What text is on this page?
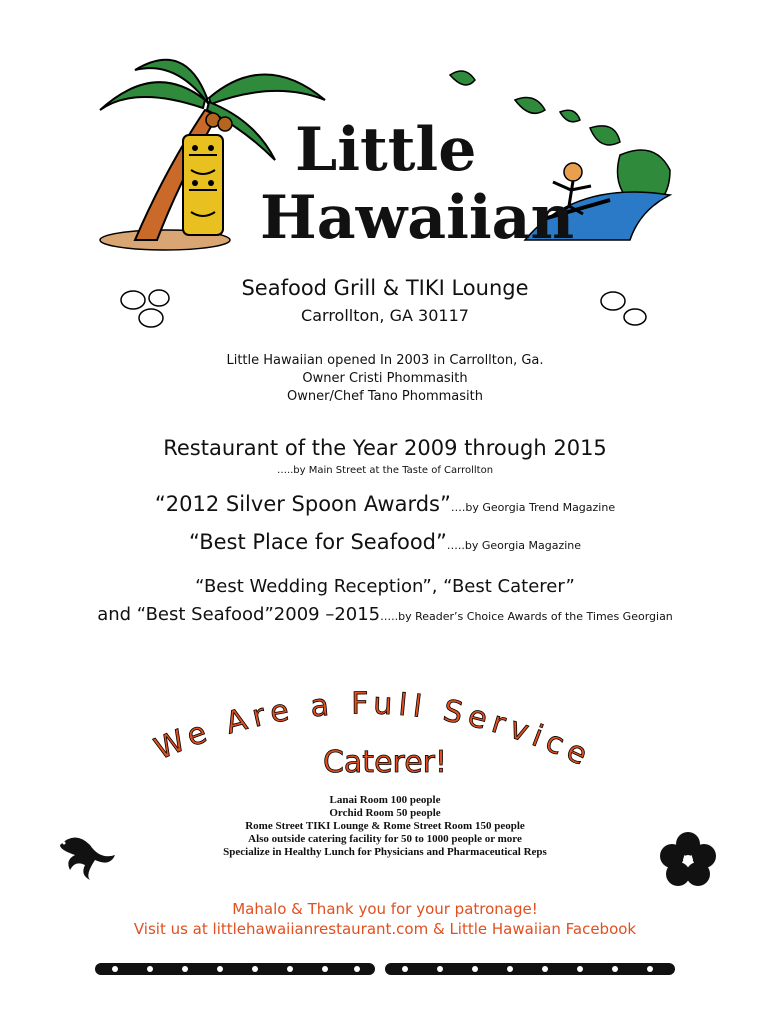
Little
Hawaiian
Seafood Grill & TIKI Lounge
Carrollton, GA 30117
Little Hawaiian opened In 2003 in Carrollton, Ga.
Owner Cristi Phommasith
Owner/Chef Tano Phommasith
Restaurant of the Year 2009 through 2015
…..by Main Street at the Taste of Carrollton
“2012 Silver Spoon Awards”….by Georgia Trend Magazine
“Best Place for Seafood”…..by Georgia Magazine
“Best Wedding Reception”, “Best Caterer”
and “Best Seafood”2009 –2015…..by Reader’s Choice Awards of the Times Georgian
We Are a Full Service
Caterer!
Lanai Room 100 people
Orchid Room 50 people
Rome Street TIKI Lounge & Rome Street Room 150 people
Also outside catering facility for 50 to 1000 people or more
Specialize in Healthy Lunch for Physicians and Pharmaceutical Reps
Mahalo & Thank you for your patronage!
Visit us at littlehawaiianrestaurant.com & Little Hawaiian Facebook
